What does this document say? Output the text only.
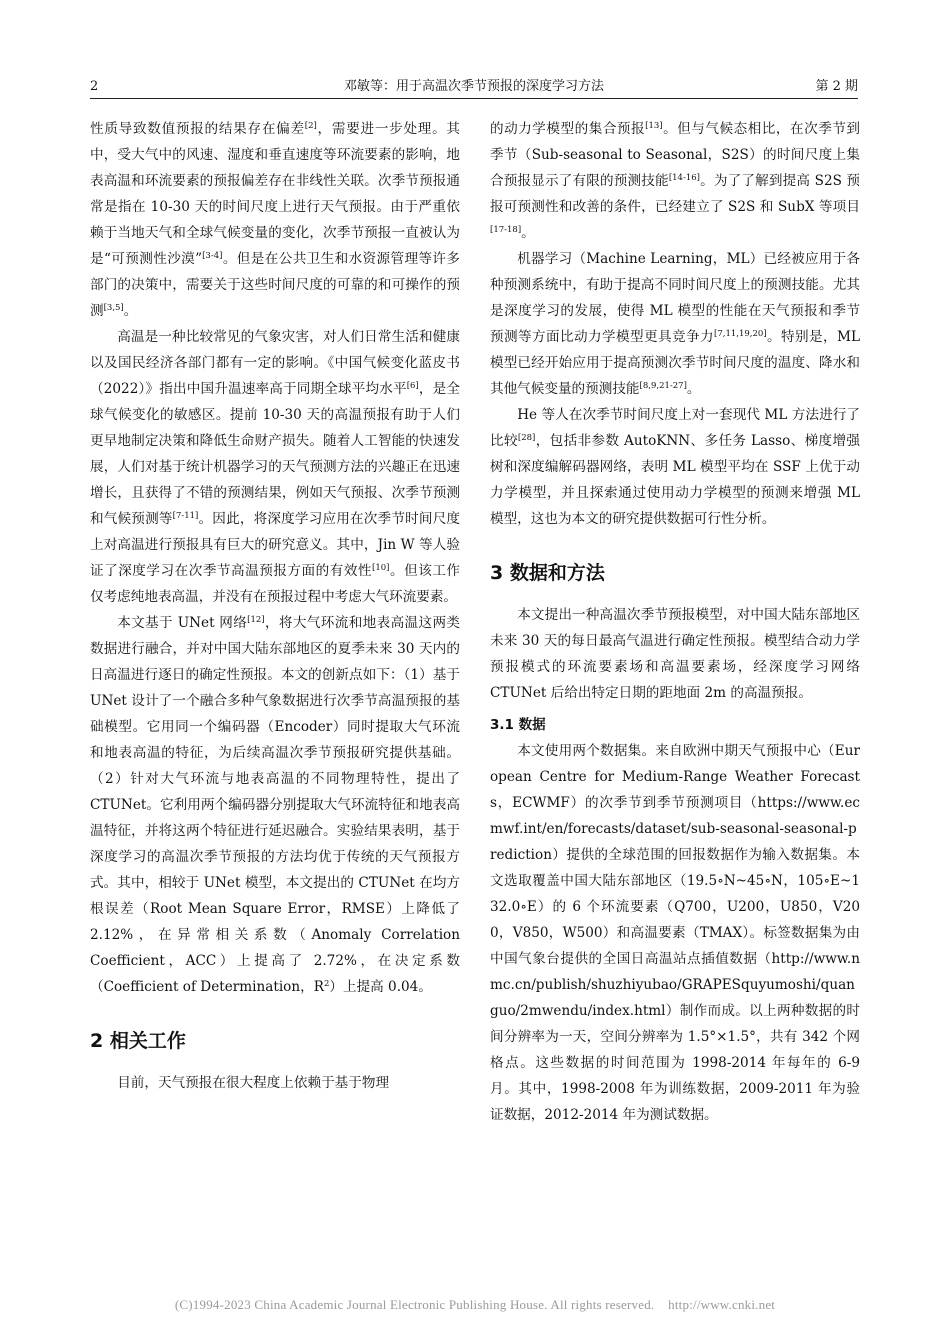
2	邓敏等：用于高温次季节预报的深度学习方法	第 2 期

性质导致数值预报的结果存在偏差[2]，需要进一步处理。其中，受大气中的风速、湿度和垂直速度等环流要素的影响，地表高温和环流要素的预报偏差存在非线性关联。次季节预报通常是指在 10-30 天的时间尺度上进行天气预报。由于严重依赖于当地天气和全球气候变量的变化，次季节预报一直被认为是“可预测性沙漠”[3-4]。但是在公共卫生和水资源管理等许多部门的决策中，需要关于这些时间尺度的可靠的和可操作的预测[3,5]。

高温是一种比较常见的气象灾害，对人们日常生活和健康以及国民经济各部门都有一定的影响。《中国气候变化蓝皮书（2022）》指出中国升温速率高于同期全球平均水平[6]，是全球气候变化的敏感区。提前 10-30 天的高温预报有助于人们更早地制定决策和降低生命财产损失。随着人工智能的快速发展，人们对基于统计机器学习的天气预测方法的兴趣正在迅速增长，且获得了不错的预测结果，例如天气预报、次季节预测和气候预测等[7-11]。因此，将深度学习应用在次季节时间尺度上对高温进行预报具有巨大的研究意义。其中，Jin W 等人验证了深度学习在次季节高温预报方面的有效性[10]。但该工作仅考虑纯地表高温，并没有在预报过程中考虑大气环流要素。

本文基于 UNet 网络[12]，将大气环流和地表高温这两类数据进行融合，并对中国大陆东部地区的夏季未来 30 天内的日高温进行逐日的确定性预报。本文的创新点如下：（1）基于 UNet 设计了一个融合多种气象数据进行次季节高温预报的基础模型。它用同一个编码器（Encoder）同时提取大气环流和地表高温的特征，为后续高温次季节预报研究提供基础。（2）针对大气环流与地表高温的不同物理特性，提出了 CTUNet。它利用两个编码器分别提取大气环流特征和地表高温特征，并将这两个特征进行延迟融合。实验结果表明，基于深度学习的高温次季节预报的方法均优于传统的天气预报方式。其中，相较于 UNet 模型，本文提出的 CTUNet 在均方根误差（Root Mean Square Error，RMSE）上降低了 2.12%，在异常相关系数（Anomaly Correlation Coefficient，ACC）上提高了 2.72%，在决定系数（Coefficient of Determination，$R^2$）上提高 0.04。

2 相关工作

目前，天气预报在很大程度上依赖于基于物理

的动力学模型的集合预报[13]。但与气候态相比，在次季节到季节（Sub-seasonal to Seasonal，S2S）的时间尺度上集合预报显示了有限的预测技能[14-16]。为了了解到提高 S2S 预报可预测性和改善的条件，已经建立了 S2S 和 SubX 等项目[17-18]。

机器学习（Machine Learning，ML）已经被应用于各种预测系统中，有助于提高不同时间尺度上的预测技能。尤其是深度学习的发展，使得 ML 模型的性能在天气预报和季节预测等方面比动力学模型更具竞争力[7,11,19,20]。特别是，ML 模型已经开始应用于提高预测次季节时间尺度的温度、降水和其他气候变量的预测技能[8,9,21-27]。

He 等人在次季节时间尺度上对一套现代 ML 方法进行了比较[28]，包括非参数 AutoKNN、多任务 Lasso、梯度增强树和深度编解码器网络，表明 ML 模型平均在 SSF 上优于动力学模型，并且探索通过使用动力学模型的预测来增强 ML 模型，这也为本文的研究提供数据可行性分析。

3 数据和方法

本文提出一种高温次季节预报模型，对中国大陆东部地区未来 30 天的每日最高气温进行确定性预报。模型结合动力学预报模式的环流要素场和高温要素场，经深度学习网络 CTUNet 后给出特定日期的距地面 2m 的高温预报。

3.1 数据

本文使用两个数据集。来自欧洲中期天气预报中心（European Centre for Medium-Range Weather Forecasts，ECWMF）的次季节到季节预测项目（https://www.ecmwf.int/en/forecasts/dataset/sub-seasonal-seasonal-prediction）提供的全球范围的回报数据作为输入数据集。本文选取覆盖中国大陆东部地区（19.5∘N~45∘N，105∘E~132.0∘E）的 6 个环流要素（Q700，U200，U850，V200，V850，W500）和高温要素（TMAX）。标签数据集为由中国气象台提供的全国日高温站点插值数据（http://www.nmc.cn/publish/shuzhiyubao/GRAPESquyumoshi/quanguo/2mwendu/index.html）制作而成。以上两种数据的时间分辨率为一天，空间分辨率为 1.5°×1.5°，共有 342 个网格点。这些数据的时间范围为 1998-2014 年每年的 6-9 月。其中，1998-2008 年为训练数据，2009-2011 年为验证数据，2012-2014 年为测试数据。

(C)1994-2023 China Academic Journal Electronic Publishing House. All rights reserved. http://www.cnki.net
